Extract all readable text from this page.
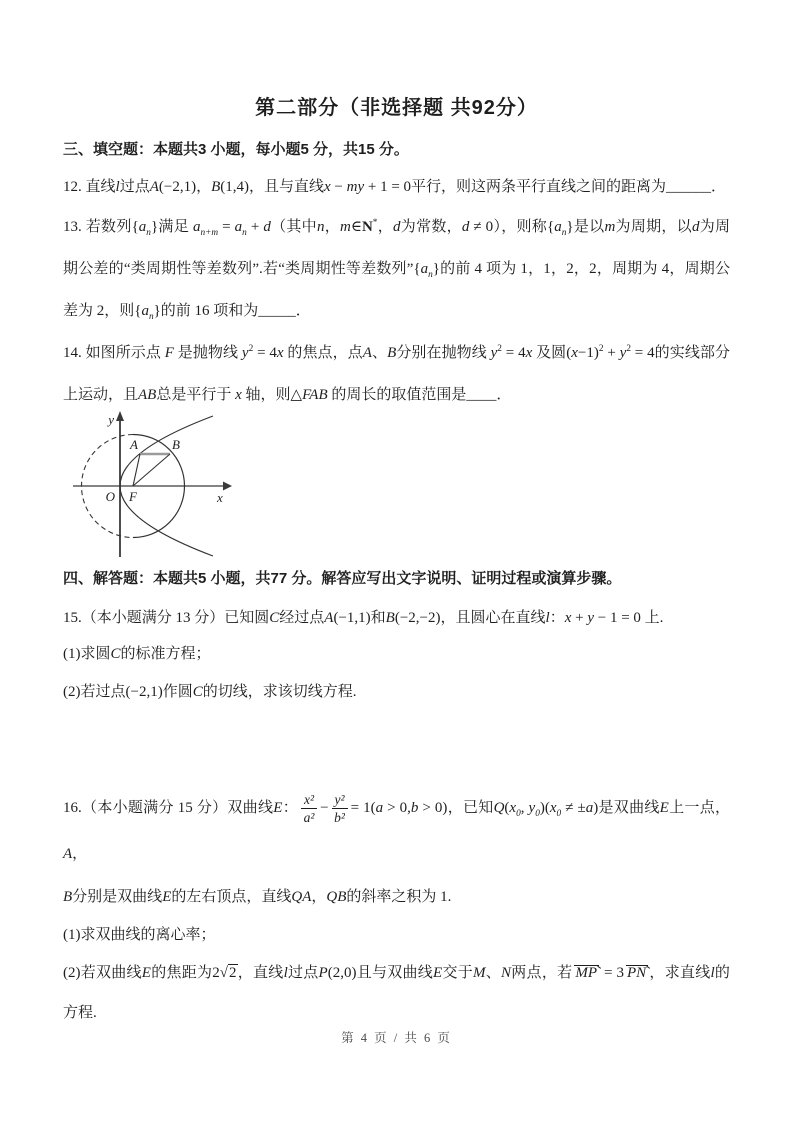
第二部分（非选择题 共92分）
三、填空题：本题共3 小题，每小题5 分，共15 分。

12. 直线l过点A(−2,1)，B(1,4)，且与直线x − my + 1 = 0平行，则这两条平行直线之间的距离为______．

13. 若数列$\{a_n\}$满足 $a_{n+m} = a_n + d$（其中n，m∈N*，d为常数，d ≠ 0），则称$\{a_n\}$是以m为周期，以d为周期公差的“类周期性等差数列”.若“类周期性等差数列$”\{a_n\}$的前 4 项为 1，1，2，2，周期为 4，周期公差为 2，则$\{a_n\}$的前 16 项和为_____．

14. 如图所示点 F 是抛物线 $y^2 = 4x$ 的焦点，点A、B分别在抛物线 $y^2 = 4x$ 及圆$(x-1)^2 + y^2 = 4$的实线部分上运动，且AB总是平行于 x 轴，则△FAB 的周长的取值范围是____．

y
x
O F
A	B
四、解答题：本题共5 小题，共77 分。解答应写出文字说明、证明过程或演算步骤。

15.（本小题满分 13 分）已知圆C经过点A(−1,1)和B(−2,−2)，且圆心在直线l：x + y − 1 = 0 上.

(1)求圆C的标准方程；

(2)若过点(−2,1)作圆C的切线，求该切线方程.

16.（本小题满分 15 分）双曲线E： $\frac{\text{x²}}{\text{a²}} - \frac{\text{y²}}{\text{b²}} = 1(a > 0,b > 0)$，已知$Q(x_0$, $y_0)(x_0 \ne \pm a)$是双曲线E上一点，A，

B分别是双曲线E的左右顶点，直线QA，QB的斜率之积为 1.

(1)求双曲线的离心率；

(2)若双曲线E的焦距为2√2，直线l过点P(2,0)且与双曲线E交于M、N两点，若 MP = 3 PN ，求直线l的方程.

第 4 页 / 共 6 页
